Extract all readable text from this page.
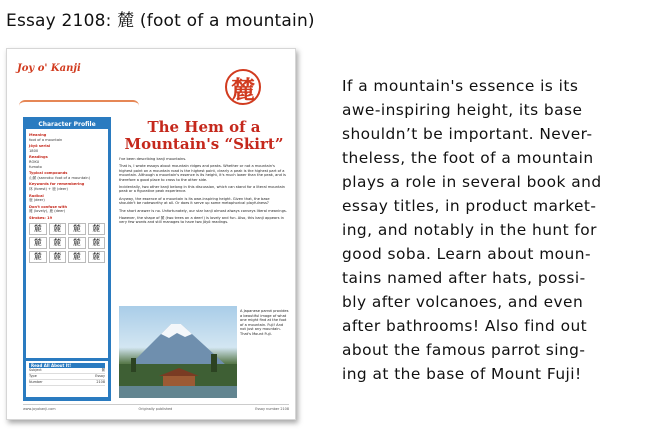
Essay 2108: 麓 (foot of a mountain)
Joy o' Kanji
麓
Character Profile
Meaning
foot of a mountain
Jōyō serial
1800
Readings
ROKU
fumoto
Typical compounds
山麓 (sanroku: foot of a mountain)
Keywords for remembering
林 (forest) + 鹿 (deer)
Radical
鹿 (deer)
Don't confuse with
麗 (lovely), 鹿 (deer)
Strokes: 19
麓	麓	麓	麓
麓	麓	麓	麓
麓	麓	麓	麓
Read All About It!
Subject	麓
Type	Essay
Number	2108
The Hem of a Mountain's “Skirt”

I've been describing kanji mountains.

That is, I wrote essays about mountain ridges and peaks. Whether or not a mountain's highest point on a mountain road is the highest point, clearly a peak is the highest part of a mountain. Although a mountain's essence is its height, it's much lower than the peak, and is therefore a good place to cross to the other side.

Incidentally, two other kanji belong in this discussion, which can stand for a literal mountain peak or a figurative peak experience.

Anyway, the essence of a mountain is its awe-inspiring height. Given that, the base shouldn't be noteworthy at all. Or does it serve up some metaphorical playfulness?

The short answer is no. Unfortunately, our star kanji almost always conveys literal meanings.

However, the shape of 麓 (two trees on a deer!) is lovely and fun. Also, this kanji appears in very few words and still manages to have two Jōyō readings.

A Japanese parrot provides a beautiful image of what one might find at the foot of a mountain. Fuji! And not just any mountain. That's Mount Fuji.
www.joyokanji.com	Originally published	Essay number 2108
If a mountain's essence is its
awe-inspiring height, its base
shouldn’t be important. Never-
theless, the foot of a mountain
plays a role in several book and
essay titles, in product market-
ing, and notably in the hunt for
good soba. Learn about moun-
tains named after hats, possi-
bly after volcanoes, and even
after bathrooms! Also find out
about the famous parrot sing-
ing at the base of Mount Fuji!
